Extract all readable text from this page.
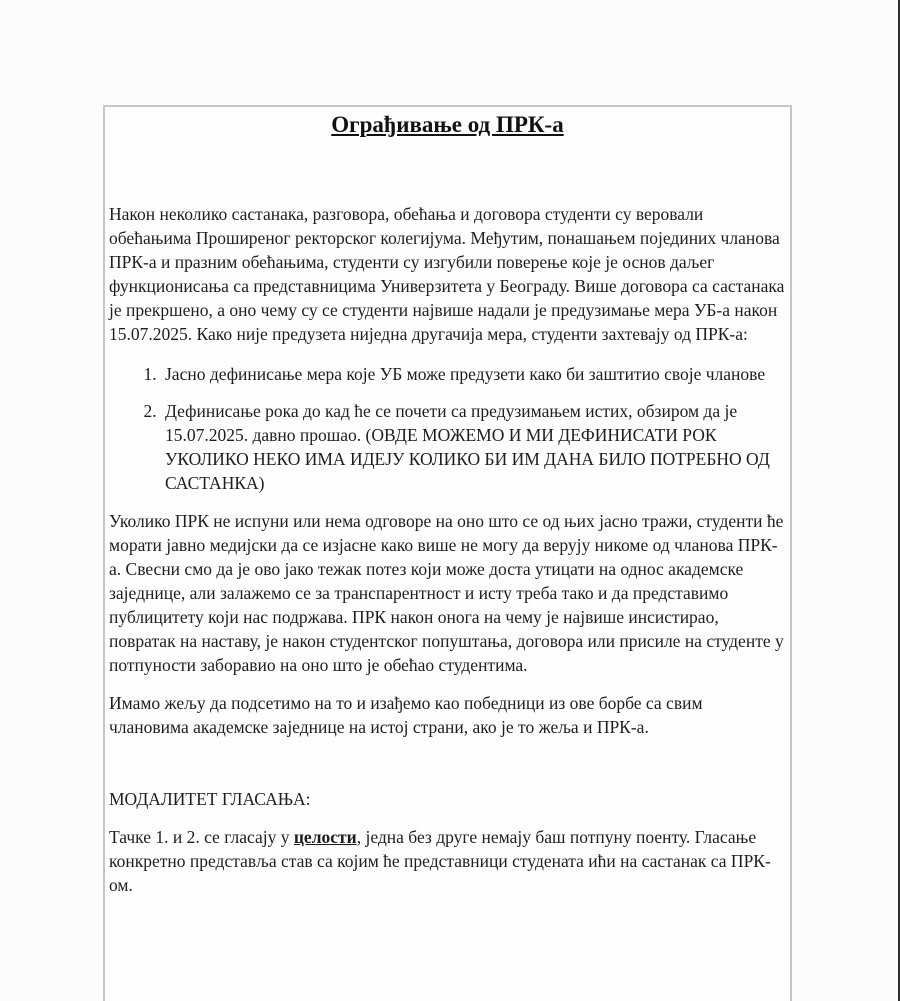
Ограђивање од ПРК-а

Након неколико састанака, разговора, обећања и договора студенти су веровали обећањима Проширеног ректорског колегијума. Међутим, понашањем појединих чланова ПРК-а и празним обећањима, студенти су изгубили поверење које је основ даљег функционисања са представницима Универзитета у Београду. Више договора са састанака је прекршено, а оно чему су се студенти највише надали је предузимање мера УБ-а након 15.07.2025. Како није предузета ниједна другачија мера, студенти захтевају од ПРК-а:

1. Јасно дефинисање мера које УБ може предузети како би заштитио своје чланове
2. Дефинисање рока до кад ће се почети са предузимањем истих, обзиром да је 15.07.2025. давно прошао. (ОВДЕ МОЖЕМО И МИ ДЕФИНИСАТИ РОК УКОЛИКО НЕКО ИМА ИДЕЈУ КОЛИКО БИ ИМ ДАНА БИЛО ПОТРЕБНО ОД САСТАНКА)

Уколико ПРК не испуни или нема одговоре на оно што се од њих јасно тражи, студенти ће морати јавно медијски да се изјасне како више не могу да верују никоме од чланова ПРК-а. Свесни смо да је ово јако тежак потез који може доста утицати на однос академске заједнице, али залажемо се за транспарентност и исту треба тако и да представимо публицитету који нас подржава. ПРК након онога на чему је највише инсистирао, повратак на наставу, је након студентског попуштања, договора или присиле на студенте у потпуности заборавио на оно што је обећао студентима.

Имамо жељу да подсетимо на то и изађемо као победници из ове борбе са свим члановима академске заједнице на истој страни, ако је то жеља и ПРК-а.

МОДАЛИТЕТ ГЛАСАЊА:

Тачке 1. и 2. се гласају у целости, једна без друге немају баш потпуну поенту. Гласање конкретно представља став са којим ће представници студената ићи на састанак са ПРК-ом.
